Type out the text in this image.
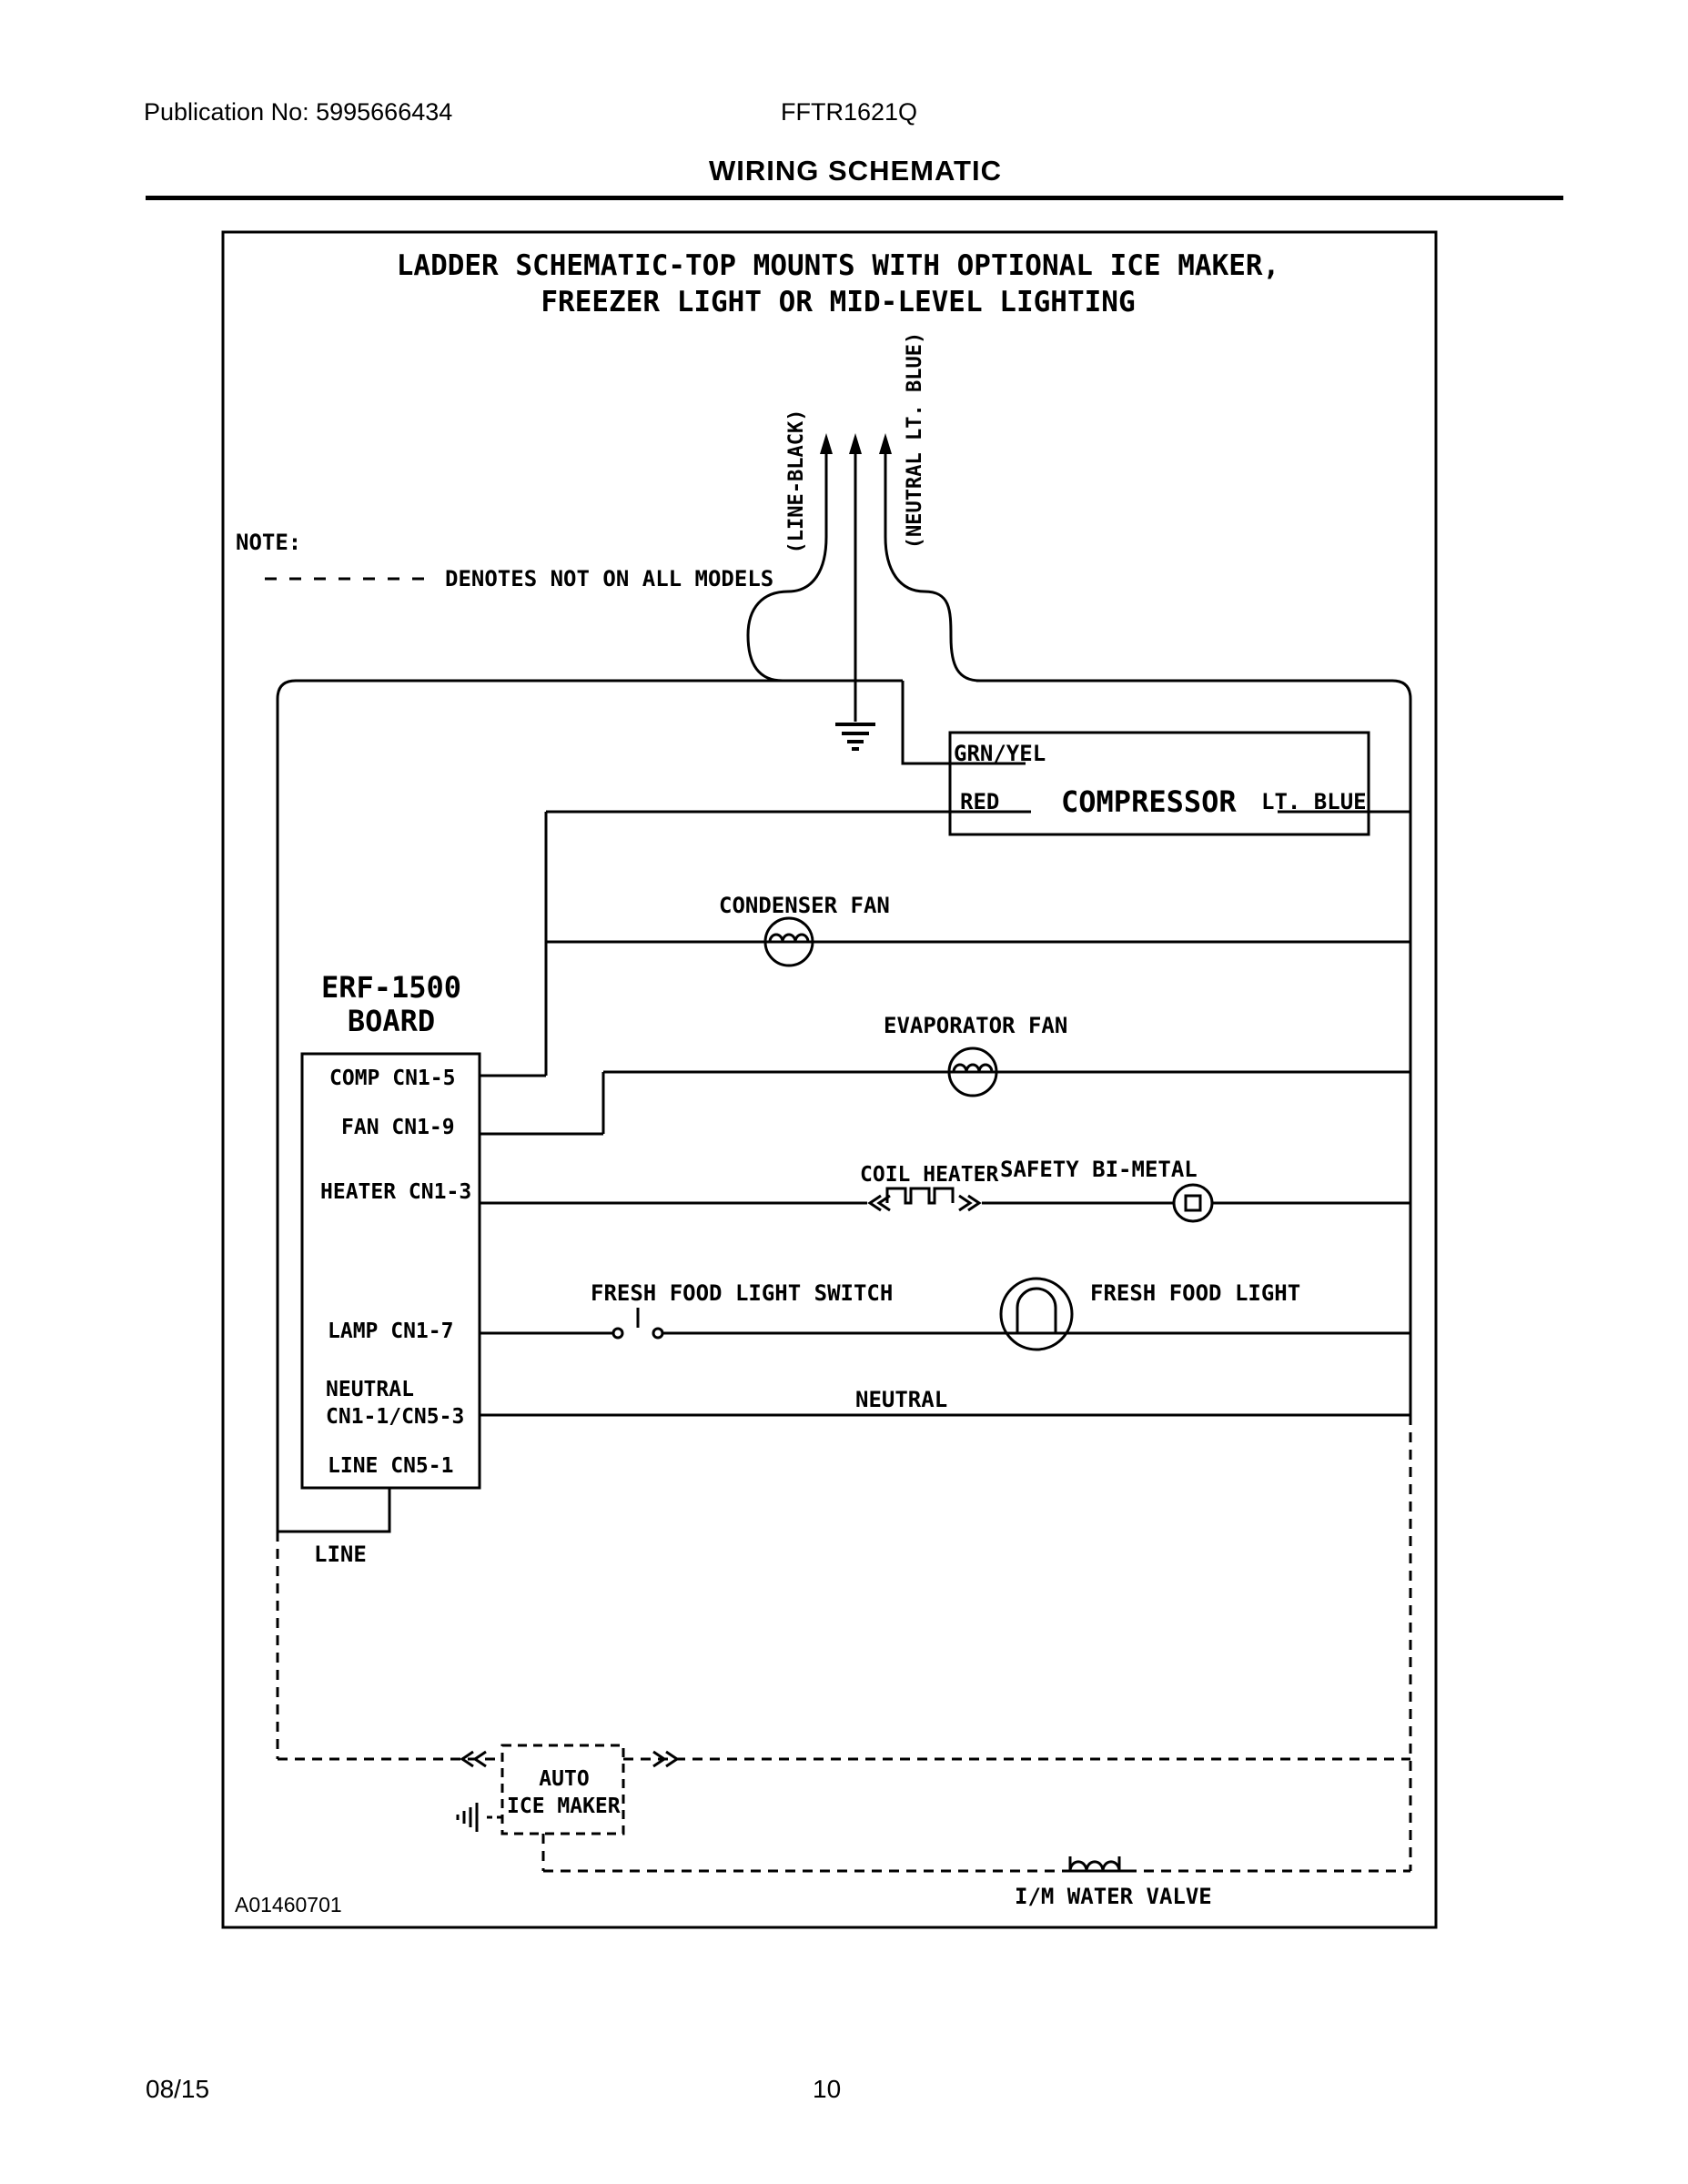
Publication No: 5995666434	FFTR1621Q
WIRING SCHEMATIC
LADDER SCHEMATIC-TOP MOUNTS WITH OPTIONAL ICE MAKER,
FREEZER LIGHT OR MID-LEVEL LIGHTING
NOTE:
DENOTES NOT ON ALL MODELS
(LINE-BLACK)	(NEUTRAL LT. BLUE)
GRN/YEL
RED COMPRESSOR LT. BLUE
CONDENSER FAN
EVAPORATOR FAN
COIL HEATER SAFETY BI-METAL
FRESH FOOD LIGHT SWITCH	FRESH FOOD LIGHT
NEUTRAL
ERF-1500
BOARD
COMP CN1-5
FAN CN1-9
HEATER CN1-3
LAMP CN1-7
NEUTRAL
CN1-1/CN5-3
LINE CN5-1
LINE
AUTO
ICE MAKER
I/M WATER VALVE
A01460701
08/15	10
